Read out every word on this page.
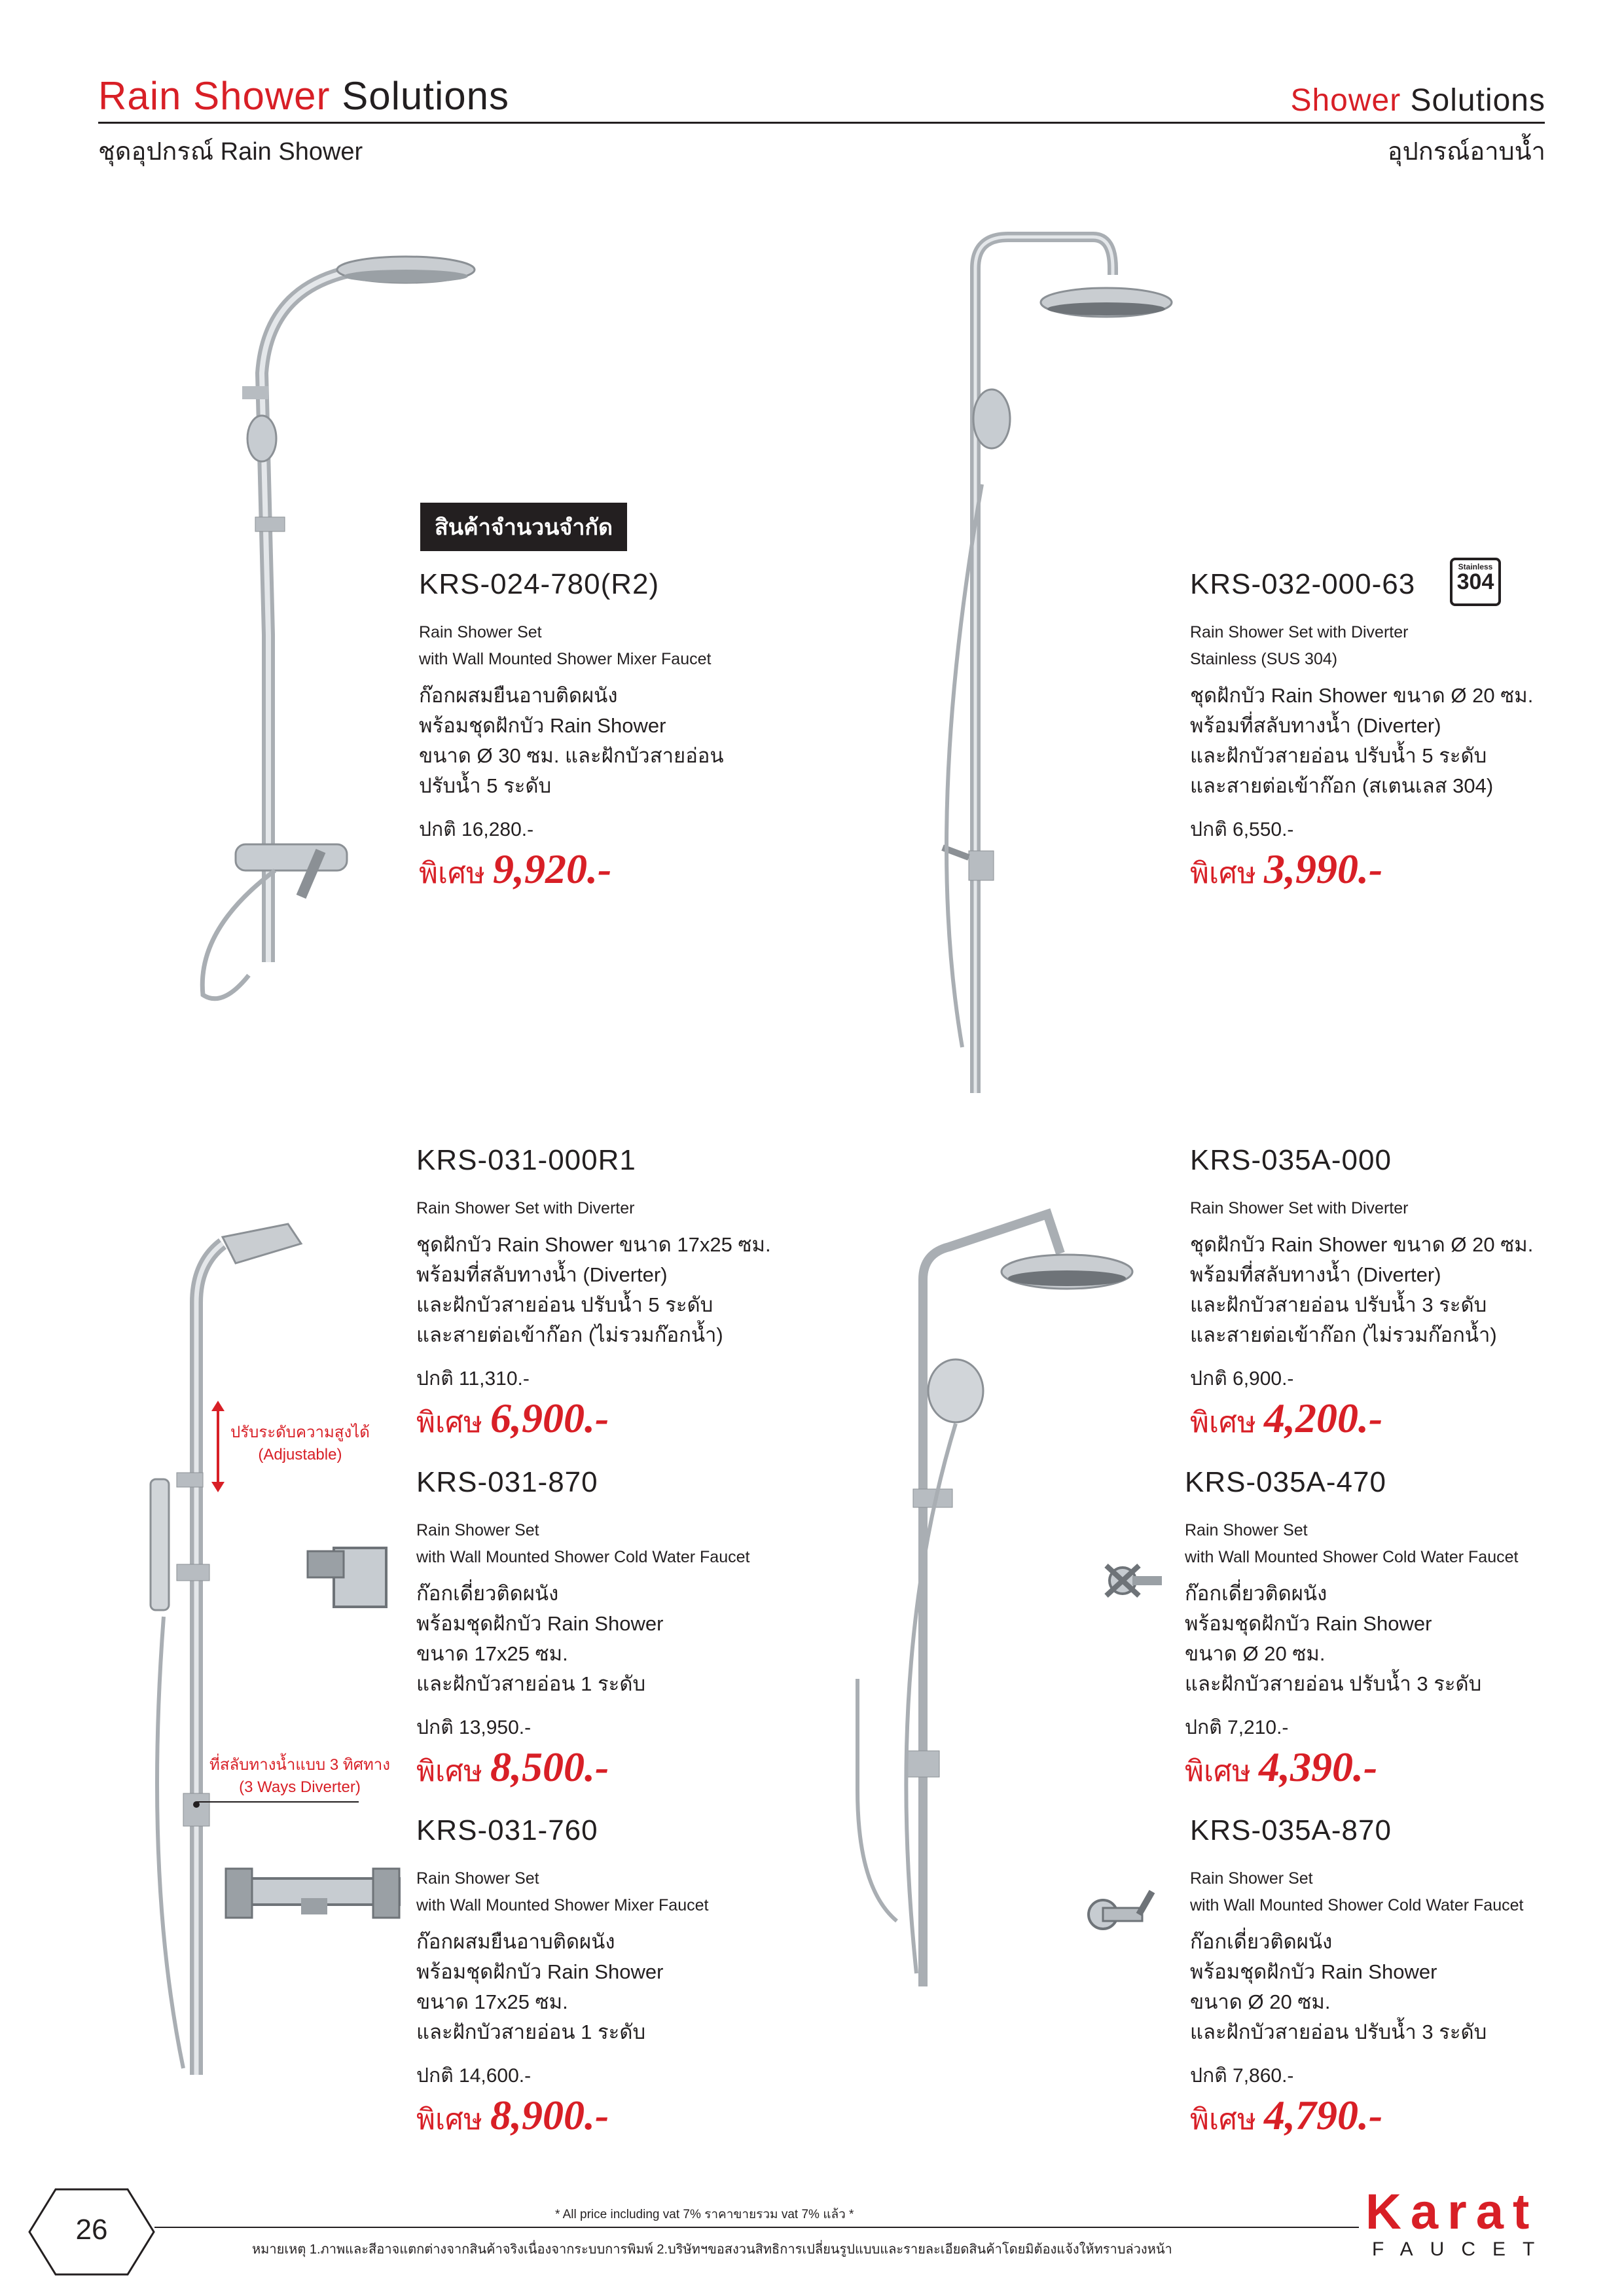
Rain Shower Solutions
ชุดอุปกรณ์ Rain Shower
Shower Solutions
อุปกรณ์อาบน้ำ
ปรับระดับความสูงได้
(Adjustable)
ที่สลับทางน้ำแบบ 3 ทิศทาง
(3 Ways Diverter)
สินค้าจำนวนจำกัด
KRS-024-780(R2)
Rain Shower Set
with Wall Mounted Shower Mixer Faucet
ก๊อกผสมยืนอาบติดผนัง
พร้อมชุดฝักบัว Rain Shower
ขนาด Ø 30 ซม. และฝักบัวสายอ่อน
ปรับน้ำ 5 ระดับ
ปกติ 16,280.-
พิเศษ 9,920.-
KRS-032-000-63
Rain Shower Set with Diverter
Stainless (SUS 304)
ชุดฝักบัว Rain Shower ขนาด Ø 20 ซม.
พร้อมที่สลับทางน้ำ (Diverter)
และฝักบัวสายอ่อน ปรับน้ำ 5 ระดับ
และสายต่อเข้าก๊อก (สเตนเลส 304)
ปกติ 6,550.-
พิเศษ 3,990.-
Stainless
304
KRS-031-000R1
Rain Shower Set with Diverter
ชุดฝักบัว Rain Shower ขนาด 17x25 ซม.
พร้อมที่สลับทางน้ำ (Diverter)
และฝักบัวสายอ่อน ปรับน้ำ 5 ระดับ
และสายต่อเข้าก๊อก (ไม่รวมก๊อกน้ำ)
ปกติ 11,310.-
พิเศษ 6,900.-
KRS-035A-000
Rain Shower Set with Diverter
ชุดฝักบัว Rain Shower ขนาด Ø 20 ซม.
พร้อมที่สลับทางน้ำ (Diverter)
และฝักบัวสายอ่อน ปรับน้ำ 3 ระดับ
และสายต่อเข้าก๊อก (ไม่รวมก๊อกน้ำ)
ปกติ 6,900.-
พิเศษ 4,200.-
KRS-031-870
Rain Shower Set
with Wall Mounted Shower Cold Water Faucet
ก๊อกเดี่ยวติดผนัง
พร้อมชุดฝักบัว Rain Shower
ขนาด 17x25 ซม.
และฝักบัวสายอ่อน 1 ระดับ
ปกติ 13,950.-
พิเศษ 8,500.-
KRS-035A-470
Rain Shower Set
with Wall Mounted Shower Cold Water Faucet
ก๊อกเดี่ยวติดผนัง
พร้อมชุดฝักบัว Rain Shower
ขนาด Ø 20 ซม.
และฝักบัวสายอ่อน ปรับน้ำ 3 ระดับ
ปกติ 7,210.-
พิเศษ 4,390.-
KRS-031-760
Rain Shower Set
with Wall Mounted Shower Mixer Faucet
ก๊อกผสมยืนอาบติดผนัง
พร้อมชุดฝักบัว Rain Shower
ขนาด 17x25 ซม.
และฝักบัวสายอ่อน 1 ระดับ
ปกติ 14,600.-
พิเศษ 8,900.-
KRS-035A-870
Rain Shower Set
with Wall Mounted Shower Cold Water Faucet
ก๊อกเดี่ยวติดผนัง
พร้อมชุดฝักบัว Rain Shower
ขนาด Ø 20 ซม.
และฝักบัวสายอ่อน ปรับน้ำ 3 ระดับ
ปกติ 7,860.-
พิเศษ 4,790.-
26	* All price including vat 7% ราคาขายรวม vat 7% แล้ว *
หมายเหตุ 1.ภาพและสีอาจแตกต่างจากสินค้าจริงเนื่องจากระบบการพิมพ์ 2.บริษัทฯขอสงวนสิทธิการเปลี่ยนรูปแบบและรายละเอียดสินค้าโดยมิต้องแจ้งให้ทราบล่วงหน้า
Karat
FAUCET
